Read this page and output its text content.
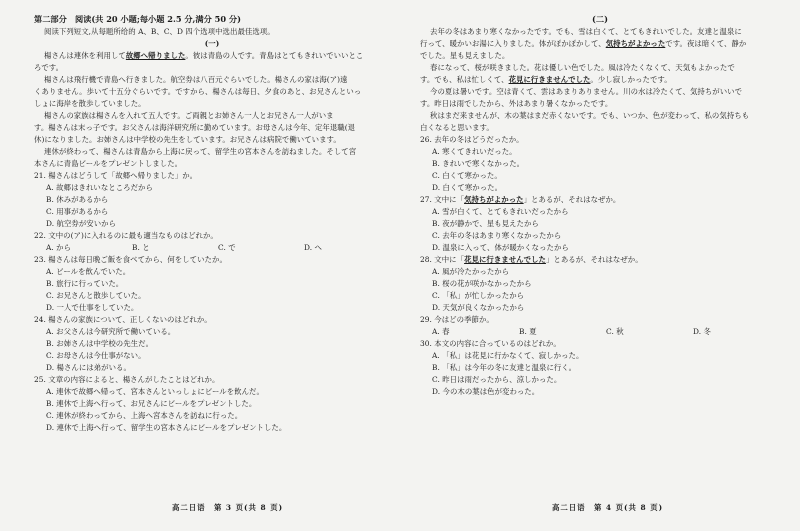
第二部分　阅读(共 20 小题;每小题 2.5 分,满分 50 分)
阅读下列短文,从每题所给的 A、B、C、D 四个选项中选出最佳选项。
(一)
楊さんは連休を利用して故郷へ帰りました。彼は青島の人です。青島はとてもきれいでいいとこ
ろです。
楊さんは飛行機で青島へ行きました。航空券は八百元ぐらいでした。楊さんの家は海(ア)遠
くありません。歩いて十五分ぐらいです。ですから、楊さんは毎日、夕食のあと、お兄さんといっ
しょに海岸を散歩していました。
楊さんの家族は楊さんを入れて五人です。ご両親とお姉さん一人とお兄さん一人がいま
す。楊さんは末っ子です。お父さんは海洋研究所に勤めています。お母さんは今年、定年退職(退
休)になりました。お姉さんは中学校の先生をしています。お兄さんは病院で働いています。
連休が終わって、楊さんは青島から上海に戻って、留学生の宮本さんを訪ねました。そして宮
本さんに青島ビールをプレゼントしました。
21. 楊さんはどうして「故郷へ帰りました」か。
A. 故郷はきれいなところだから
B. 休みがあるから
C. 用事があるから
D. 航空券が安いから
22. 文中の(ア)に入れるのに最も適当なものはどれか。
A. から	B. と	C. で	D. へ
23. 楊さんは毎日晩ご飯を食べてから、何をしていたか。
A. ビールを飲んでいた。
B. 旅行に行っていた。
C. お兄さんと散歩していた。
D. 一人で仕事をしていた。
24. 楊さんの家族について、正しくないのはどれか。
A. お父さんは今研究所で働いている。
B. お姉さんは中学校の先生だ。
C. お母さんは今仕事がない。
D. 楊さんには弟がいる。
25. 文章の内容によると、楊さんがしたことはどれか。
A. 連休で故郷へ帰って、宮本さんといっしょにビールを飲んだ。
B. 連休で上海へ行って、お兄さんにビールをプレゼントした。
C. 連休が終わってから、上海へ宮本さんを訪ねに行った。
D. 連休で上海へ行って、留学生の宮本さんにビールをプレゼントした。
(二)
去年の冬はあまり寒くなかったです。でも、雪は白くて、とてもきれいでした。友達と温泉に
行って、暖かいお湯に入りました。体がぽかぽかして、気持ちがよかったです。夜は暗くて、静か
でした。星も見えました。
春になって、桜が咲きました。花は優しい色でした。風は冷たくなくて、天気もよかったで
す。でも、私は忙しくて、花見に行きませんでした。少し寂しかったです。
今の夏は暑いです。空は青くて、雲はあまりありません。川の水は冷たくて、気持ちがいいで
す。昨日は雨でしたから、外はあまり暑くなかったです。
秋はまだ来ませんが、木の葉はまだ赤くないです。でも、いつか、色が変わって、私の気持ちも
白くなると思います。
26. 去年の冬はどうだったか。
A. 寒くてきれいだった。
B. きれいで寒くなかった。
C. 白くて寒かった。
D. 白くて寒かった。
27. 文中に「気持ちがよかった」とあるが、それはなぜか。
A. 雪が白くて、とてもきれいだったから
B. 夜が静かで、星も見えたから
C. 去年の冬はあまり寒くなかったから
D. 温泉に入って、体が暖かくなったから
28. 文中に「花見に行きませんでした」とあるが、それはなぜか。
A. 風が冷たかったから
B. 桜の花が咲かなかったから
C. 「私」が忙しかったから
D. 天気が良くなかったから
29. 今はどの季節か。
A. 春	B. 夏	C. 秋	D. 冬
30. 本文の内容に合っているのはどれか。
A. 「私」は花見に行かなくて、寂しかった。
B. 「私」は今年の冬に友達と温泉に行く。
C. 昨日は雨だったから、涼しかった。
D. 今の木の葉は色が変わった。
高二日语　第 3 页(共 8 页)	高二日语　第 4 页(共 8 页)
